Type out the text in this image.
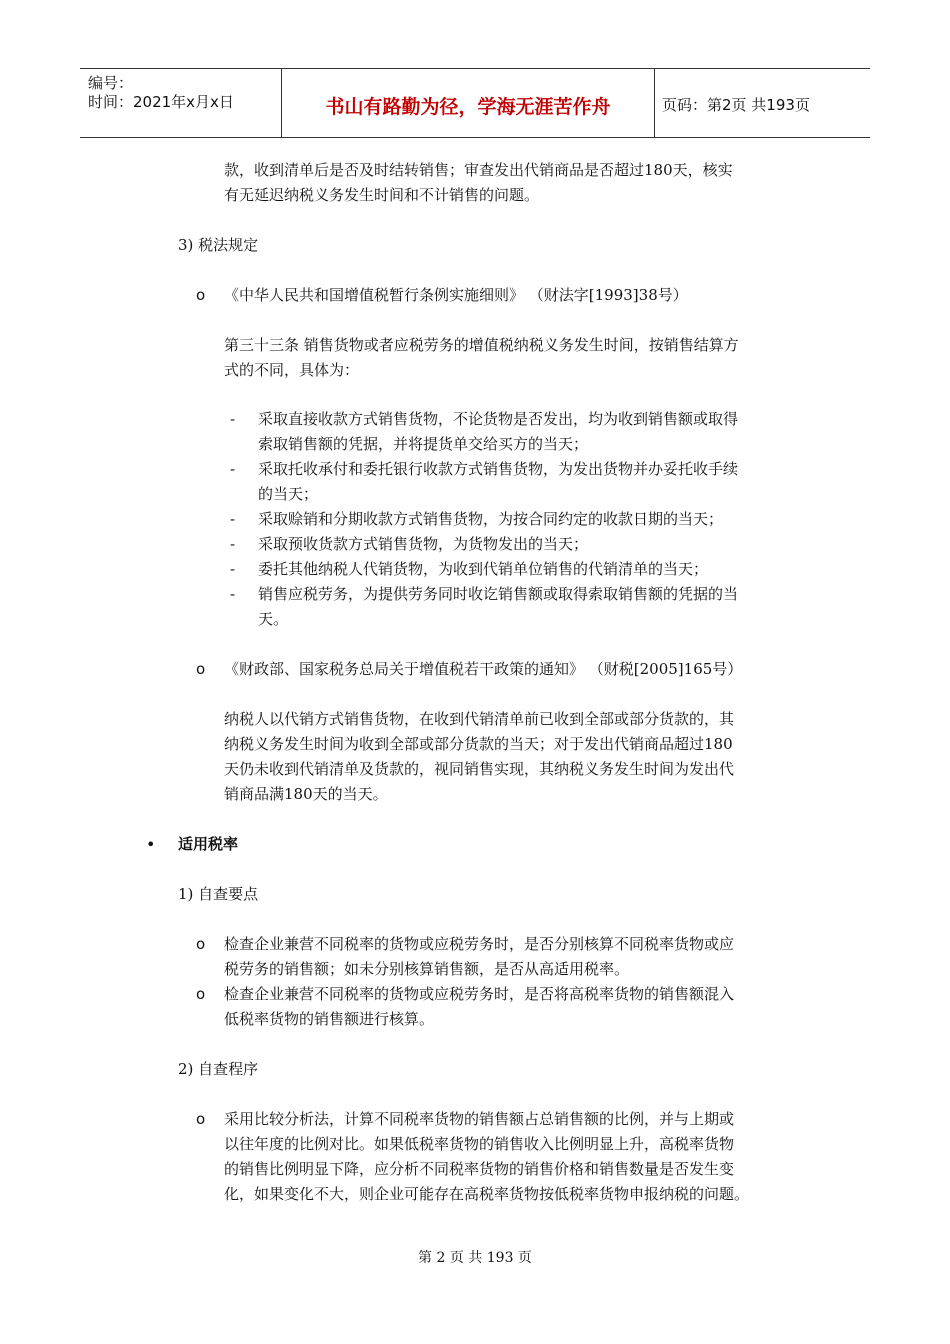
编号：
时间：2021年x月x日	书山有路勤为径，学海无涯苦作舟	页码：第2页 共193页
款，收到清单后是否及时结转销售；审查发出代销商品是否超过180天，核实
有无延迟纳税义务发生时间和不计销售的问题。
3) 税法规定
o 《中华人民共和国增值税暂行条例实施细则》 （财法字[1993]38号）
第三十三条 销售货物或者应税劳务的增值税纳税义务发生时间，按销售结算方
式的不同，具体为：
- 采取直接收款方式销售货物，不论货物是否发出，均为收到销售额或取得
索取销售额的凭据，并将提货单交给买方的当天；
- 采取托收承付和委托银行收款方式销售货物，为发出货物并办妥托收手续
的当天；
- 采取赊销和分期收款方式销售货物，为按合同约定的收款日期的当天；
- 采取预收货款方式销售货物，为货物发出的当天；
- 委托其他纳税人代销货物，为收到代销单位销售的代销清单的当天；
- 销售应税劳务，为提供劳务同时收讫销售额或取得索取销售额的凭据的当
天。
o 《财政部、国家税务总局关于增值税若干政策的通知》 （财税[2005]165号）
纳税人以代销方式销售货物，在收到代销清单前已收到全部或部分货款的，其
纳税义务发生时间为收到全部或部分货款的当天；对于发出代销商品超过180
天仍未收到代销清单及货款的，视同销售实现，其纳税义务发生时间为发出代
销商品满180天的当天。
• 适用税率
1) 自查要点
o 检查企业兼营不同税率的货物或应税劳务时，是否分别核算不同税率货物或应
税劳务的销售额；如未分别核算销售额，是否从高适用税率。
o 检查企业兼营不同税率的货物或应税劳务时，是否将高税率货物的销售额混入
低税率货物的销售额进行核算。
2) 自查程序
o 采用比较分析法，计算不同税率货物的销售额占总销售额的比例，并与上期或
以往年度的比例对比。如果低税率货物的销售收入比例明显上升，高税率货物
的销售比例明显下降，应分析不同税率货物的销售价格和销售数量是否发生变
化，如果变化不大，则企业可能存在高税率货物按低税率货物申报纳税的问题。
第 2 页 共 193 页
